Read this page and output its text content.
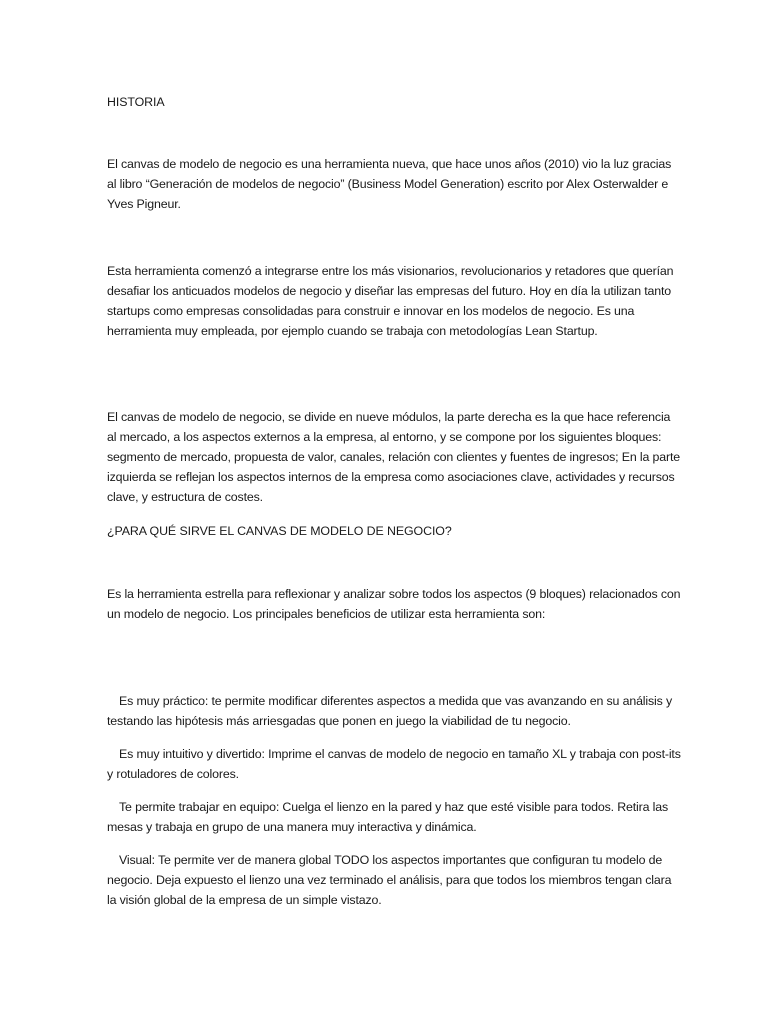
HISTORIA

El canvas de modelo de negocio es una herramienta nueva, que hace unos años (2010) vio la luz gracias al libro “Generación de modelos de negocio” (Business Model Generation) escrito por Alex Osterwalder e Yves Pigneur.

Esta herramienta comenzó a integrarse entre los más visionarios, revolucionarios y retadores que querían desafiar los anticuados modelos de negocio y diseñar las empresas del futuro. Hoy en día la utilizan tanto startups como empresas consolidadas para construir e innovar en los modelos de negocio. Es una herramienta muy empleada, por ejemplo cuando se trabaja con metodologías Lean Startup.

El canvas de modelo de negocio, se divide en nueve módulos, la parte derecha es la que hace referencia al mercado, a los aspectos externos a la empresa, al entorno, y se compone por los siguientes bloques: segmento de mercado, propuesta de valor, canales, relación con clientes y fuentes de ingresos; En la parte izquierda se reflejan los aspectos internos de la empresa como asociaciones clave, actividades y recursos clave, y estructura de costes.

¿PARA QUÉ SIRVE EL CANVAS DE MODELO DE NEGOCIO?

Es la herramienta estrella para reflexionar y analizar sobre todos los aspectos (9 bloques) relacionados con un modelo de negocio. Los principales beneficios de utilizar esta herramienta son:

Es muy práctico: te permite modificar diferentes aspectos a medida que vas avanzando en su análisis y testando las hipótesis más arriesgadas que ponen en juego la viabilidad de tu negocio.

Es muy intuitivo y divertido: Imprime el canvas de modelo de negocio en tamaño XL y trabaja con post-its y rotuladores de colores.

Te permite trabajar en equipo: Cuelga el lienzo en la pared y haz que esté visible para todos. Retira las mesas y trabaja en grupo de una manera muy interactiva y dinámica.

Visual: Te permite ver de manera global TODO los aspectos importantes que configuran tu modelo de negocio. Deja expuesto el lienzo una vez terminado el análisis, para que todos los miembros tengan clara la visión global de la empresa de un simple vistazo.
